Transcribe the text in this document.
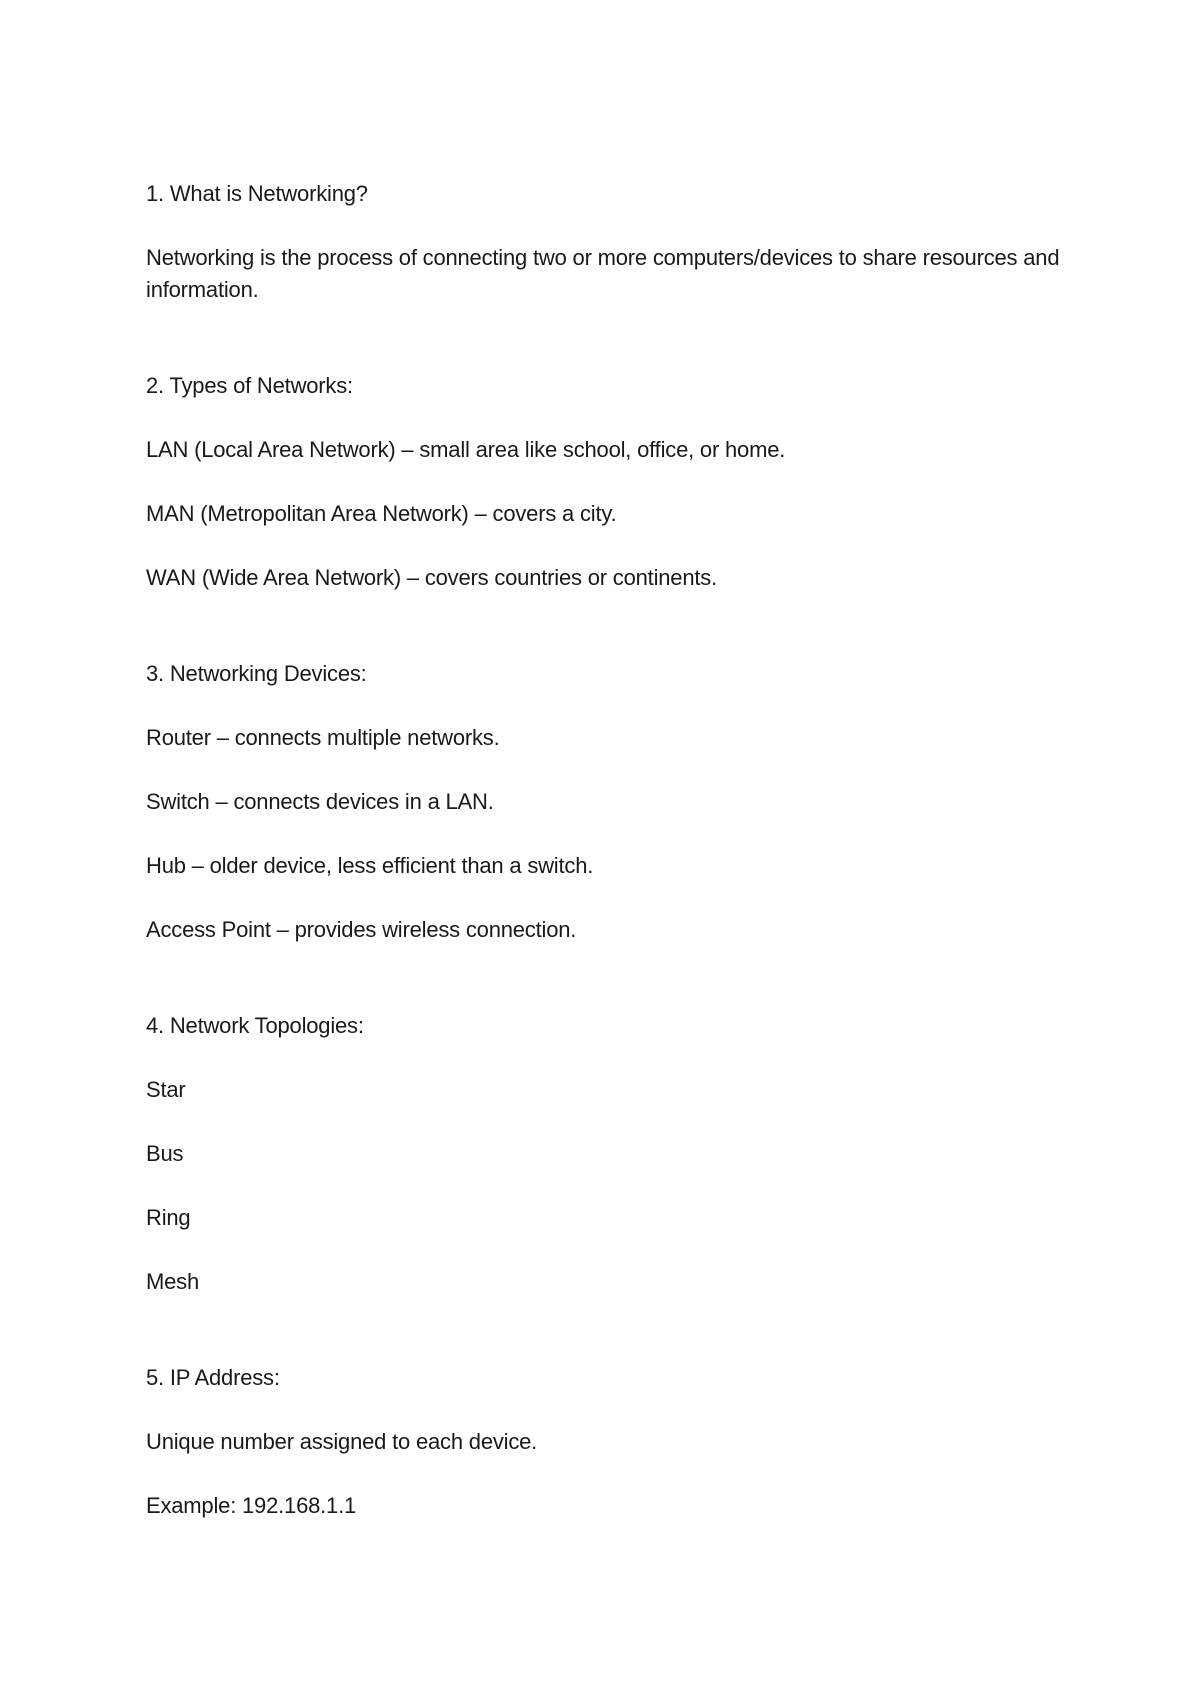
1. What is Networking?

Networking is the process of connecting two or more computers/devices to share resources and information.

2. Types of Networks:

LAN (Local Area Network) – small area like school, office, or home.

MAN (Metropolitan Area Network) – covers a city.

WAN (Wide Area Network) – covers countries or continents.

3. Networking Devices:

Router – connects multiple networks.

Switch – connects devices in a LAN.

Hub – older device, less efficient than a switch.

Access Point – provides wireless connection.

4. Network Topologies:

Star

Bus

Ring

Mesh

5. IP Address:

Unique number assigned to each device.

Example: 192.168.1.1
